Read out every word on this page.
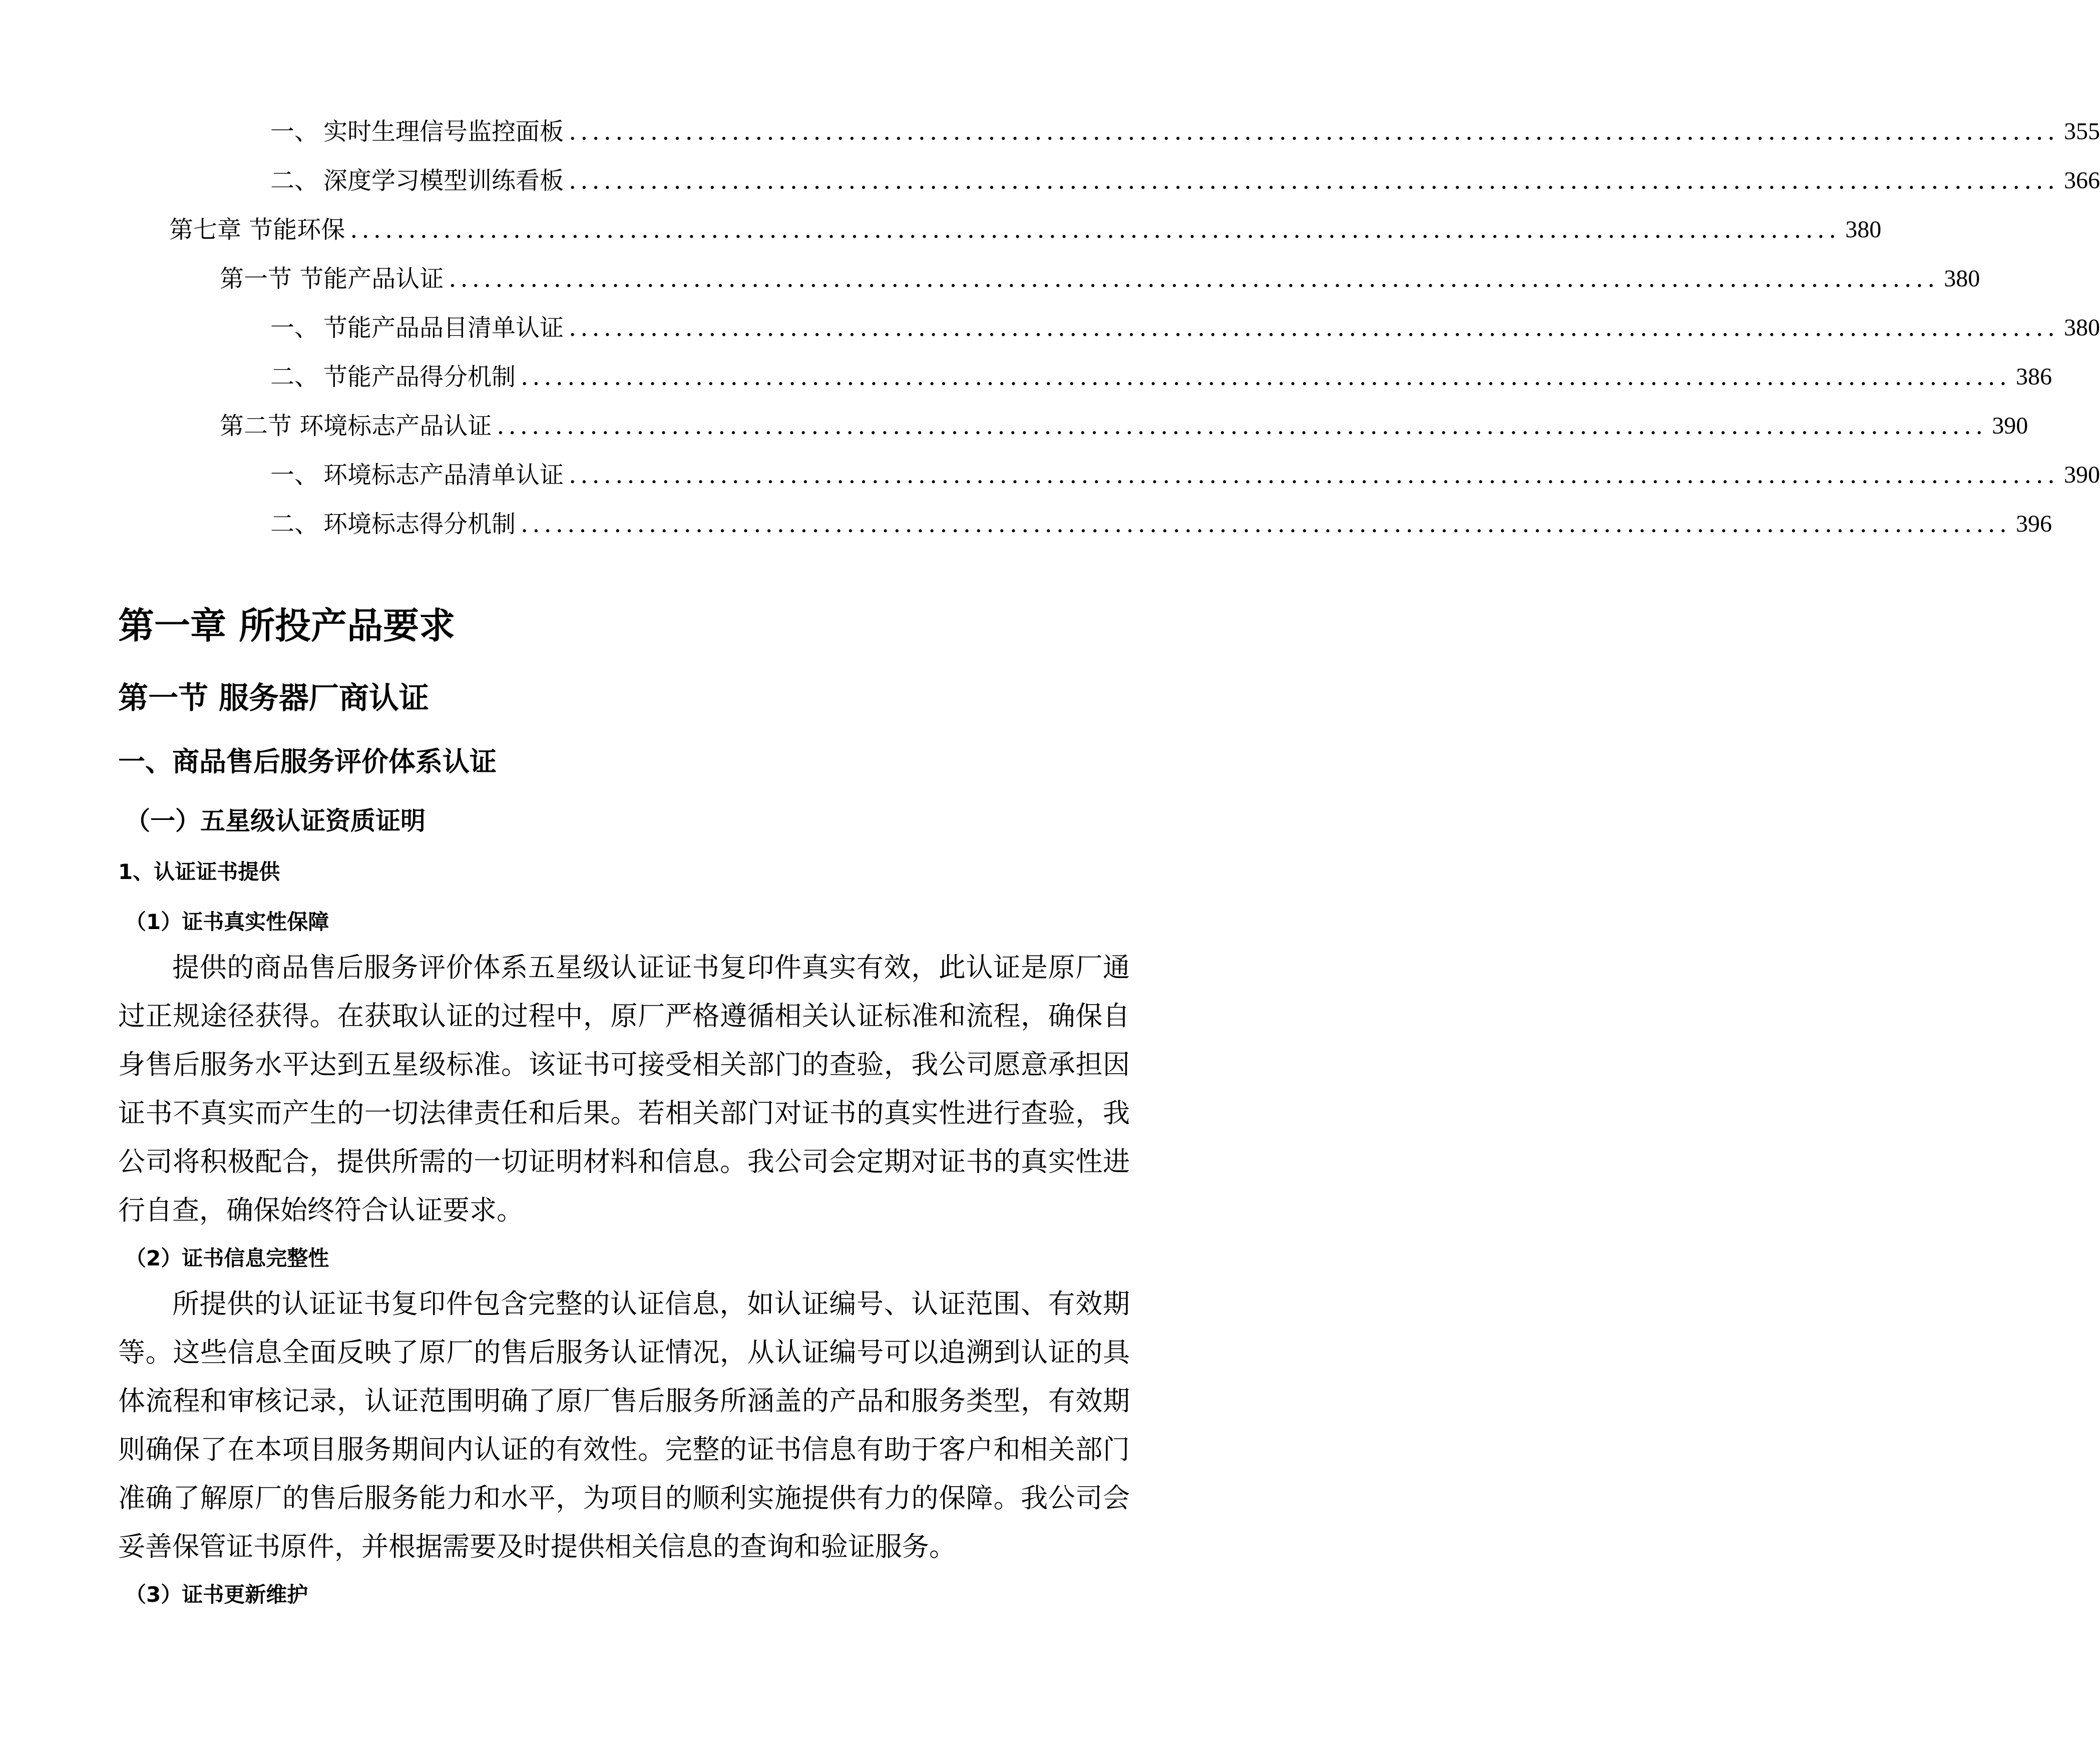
一、 实时生理信号监控面板 ................................................................................................................................ 355
二、 深度学习模型训练看板 ................................................................................................................................ 366
第七章 节能环保 ................................................................................................................................ 380
第一节 节能产品认证 ................................................................................................................................ 380
一、 节能产品品目清单认证 ................................................................................................................................ 380
二、 节能产品得分机制 ................................................................................................................................ 386
第二节 环境标志产品认证 ................................................................................................................................ 390
一、 环境标志产品清单认证 ................................................................................................................................ 390
二、 环境标志得分机制 ................................................................................................................................ 396
第一章 所投产品要求
第一节 服务器厂商认证
一、商品售后服务评价体系认证
（一）五星级认证资质证明
1、认证证书提供
（1）证书真实性保障

提供的商品售后服务评价体系五星级认证证书复印件真实有效，此认证是原厂通过正规途径获得。在获取认证的过程中，原厂严格遵循相关认证标准和流程，确保自身售后服务水平达到五星级标准。该证书可接受相关部门的查验，我公司愿意承担因证书不真实而产生的一切法律责任和后果。若相关部门对证书的真实性进行查验，我公司将积极配合，提供所需的一切证明材料和信息。我公司会定期对证书的真实性进行自查，确保始终符合认证要求。

（2）证书信息完整性

所提供的认证证书复印件包含完整的认证信息，如认证编号、认证范围、有效期等。这些信息全面反映了原厂的售后服务认证情况，从认证编号可以追溯到认证的具体流程和审核记录，认证范围明确了原厂售后服务所涵盖的产品和服务类型，有效期则确保了在本项目服务期间内认证的有效性。完整的证书信息有助于客户和相关部门准确了解原厂的售后服务能力和水平，为项目的顺利实施提供有力的保障。我公司会妥善保管证书原件，并根据需要及时提供相关信息的查询和验证服务。

（3）证书更新维护
